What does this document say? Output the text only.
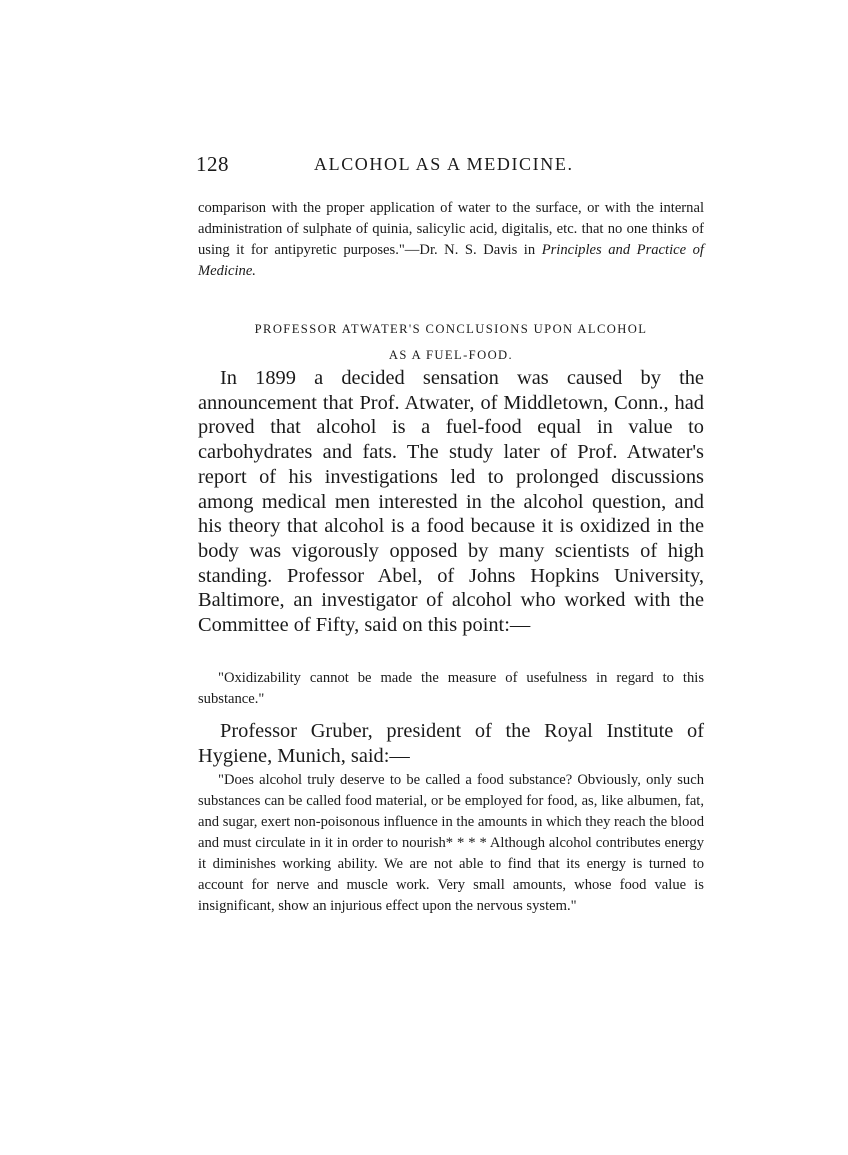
128	ALCOHOL AS A MEDICINE.

comparison with the proper application of water to the surface, or with the internal administration of sulphate of quinia, salicylic acid, digitalis, etc. that no one thinks of using it for antipyretic purposes."—Dr. N. S. Davis in Principles and Practice of Medicine.

PROFESSOR ATWATER'S CONCLUSIONS UPON ALCOHOL
AS A FUEL-FOOD.

In 1899 a decided sensation was caused by the announcement that Prof. Atwater, of Middletown, Conn., had proved that alcohol is a fuel-food equal in value to carbohydrates and fats. The study later of Prof. Atwater's report of his investigations led to prolonged discussions among medical men interested in the alcohol question, and his theory that alcohol is a food because it is oxidized in the body was vigorously opposed by many scientists of high standing. Professor Abel, of Johns Hopkins University, Baltimore, an investigator of alcohol who worked with the Committee of Fifty, said on this point:—

"Oxidizability cannot be made the measure of usefulness in regard to this substance."

Professor Gruber, president of the Royal Institute of Hygiene, Munich, said:—

"Does alcohol truly deserve to be called a food substance? Obviously, only such substances can be called food material, or be employed for food, as, like albumen, fat, and sugar, exert non-poisonous influence in the amounts in which they reach the blood and must circulate in it in order to nourish* * * * Although alcohol contributes energy it diminishes working ability. We are not able to find that its energy is turned to account for nerve and muscle work. Very small amounts, whose food value is insignificant, show an injurious effect upon the nervous system."
